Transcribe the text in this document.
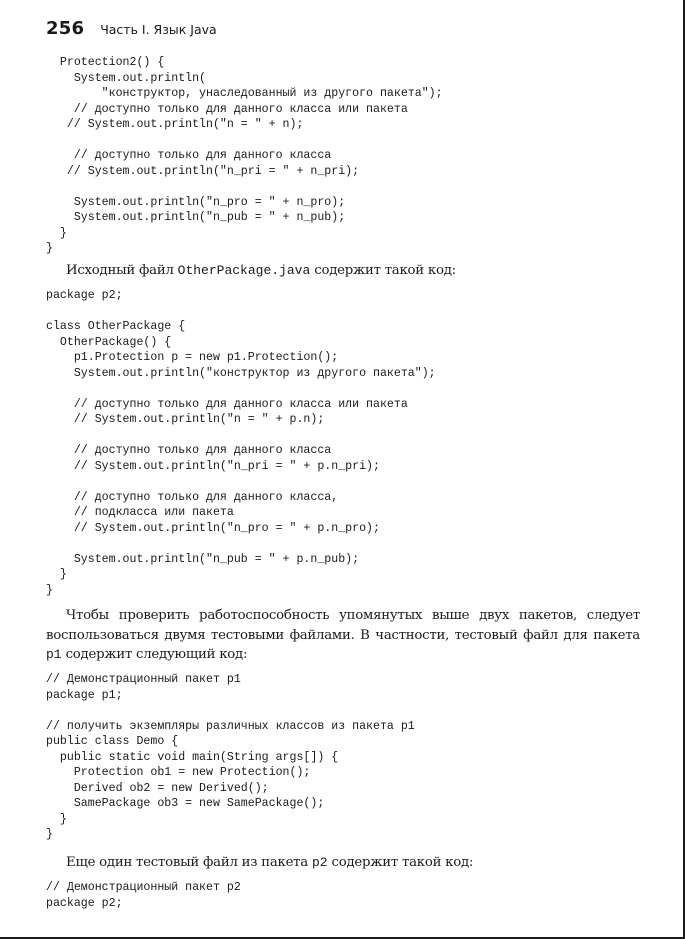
256 Часть I. Язык Java
Protection2() {
System.out.println(
"конструктор, унаследованный из другого пакета");
// доступно только для данного класса или пакета
// System.out.println("n = " + n);

// доступно только для данного класса
// System.out.println("n_pri = " + n_pri);

System.out.println("n_pro = " + n_pro);
System.out.println("n_pub = " + n_pub);
}
}

Исходный файл OtherPackage.java содержит такой код:

package p2;

class OtherPackage {
OtherPackage() {
p1.Protection p = new p1.Protection();
System.out.println("конструктор из другого пакета");

// доступно только для данного класса или пакета
// System.out.println("n = " + p.n);

// доступно только для данного класса
// System.out.println("n_pri = " + p.n_pri);

// доступно только для данного класса,
// подкласса или пакета
// System.out.println("n_pro = " + p.n_pro);

System.out.println("n_pub = " + p.n_pub);
}
}

Чтобы проверить работоспособность упомянутых выше двух пакетов, следует воспользоваться двумя тестовыми файлами. В частности, тестовый файл для пакета p1 содержит следующий код:

// Демонстрационный пакет p1
package p1;

// получить экземпляры различных классов из пакета p1
public class Demo {
public static void main(String args[]) {
Protection ob1 = new Protection();
Derived ob2 = new Derived();
SamePackage ob3 = new SamePackage();
}
}

Еще один тестовый файл из пакета p2 содержит такой код:

// Демонстрационный пакет p2
package p2;
